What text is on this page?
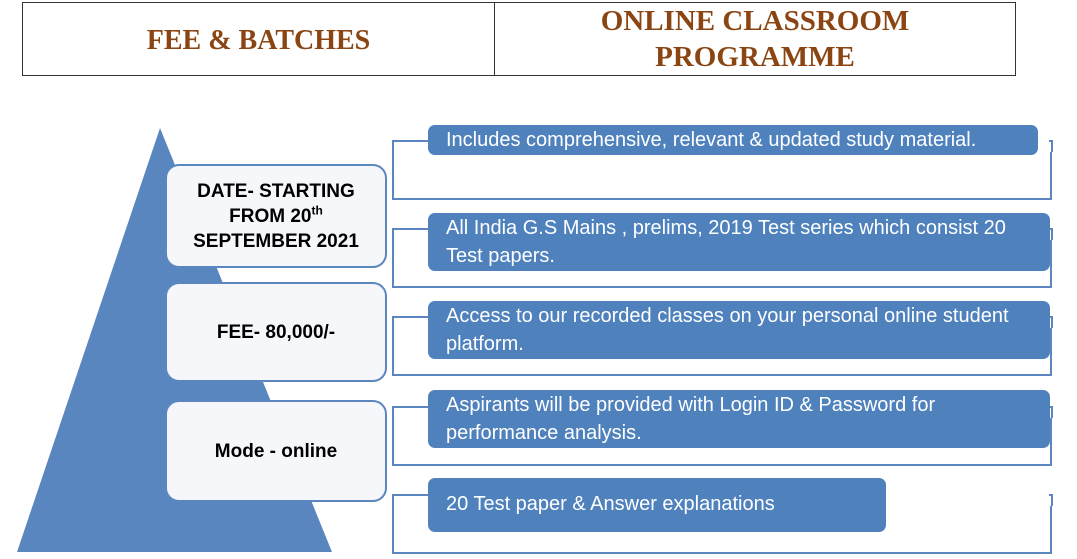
FEE & BATCHES
ONLINE CLASSROOM
PROGRAMME
DATE- STARTING
FROM 20th
SEPTEMBER 2021
FEE- 80,000/-
Mode - online
Includes comprehensive, relevant & updated study material.
All India G.S Mains , prelims, 2019 Test series which consist 20 Test papers.
Access to our recorded classes on your personal online student platform.
Aspirants will be provided with Login ID & Password for performance analysis.
20 Test paper & Answer explanations
